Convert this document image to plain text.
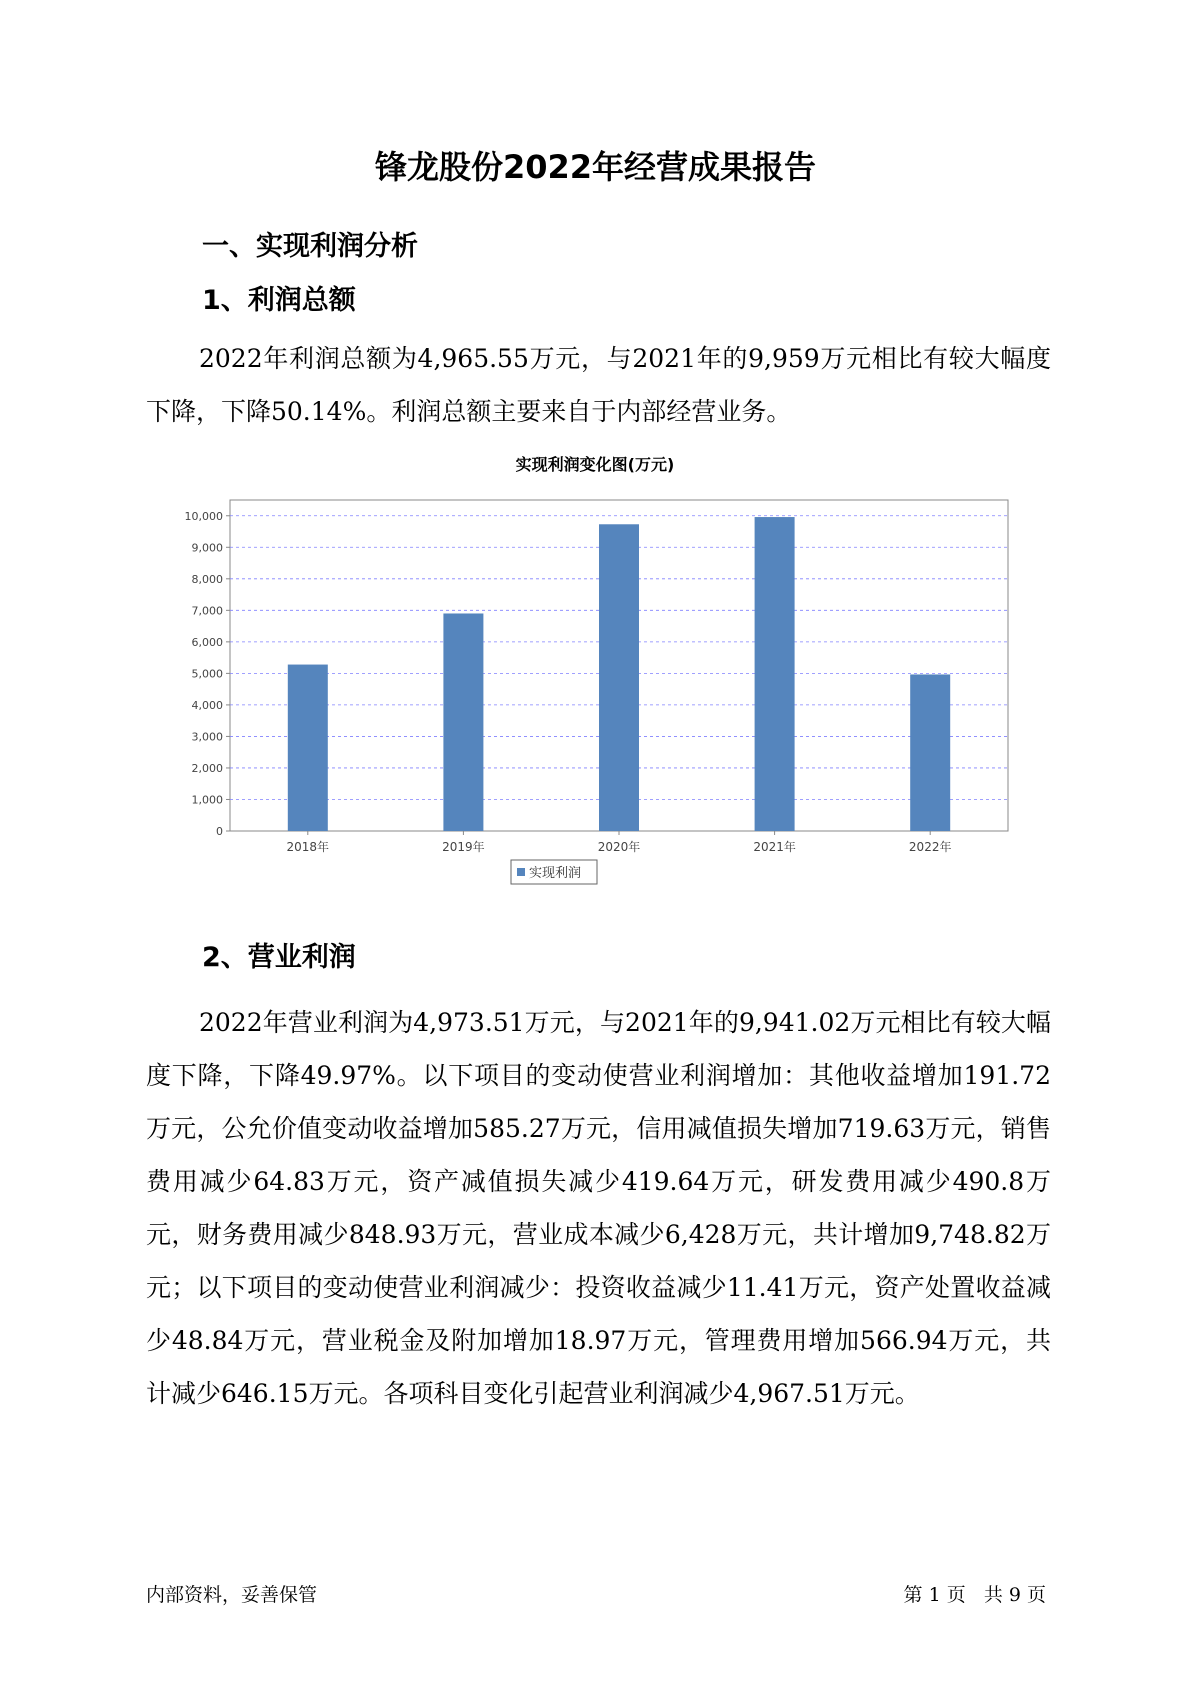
锋龙股份2022年经营成果报告
一、实现利润分析
1、利润总额

2022年利润总额为4,965.55万元，与2021年的9,959万元相比有较大幅度下降，下降50.14%。利润总额主要来自于内部经营业务。

实现利润变化图(万元)
0
1,000
2,000
3,000
4,000
5,000
6,000
7,000
8,000
9,000
10,000
2018年	2019年	2020年	2021年	2022年
实现利润
2、营业利润

2022年营业利润为4,973.51万元，与2021年的9,941.02万元相比有较大幅度下降，下降49.97%。以下项目的变动使营业利润增加：其他收益增加191.72万元，公允价值变动收益增加585.27万元，信用减值损失增加719.63万元，销售费用减少64.83万元，资产减值损失减少419.64万元，研发费用减少490.8万元，财务费用减少848.93万元，营业成本减少6,428万元，共计增加9,748.82万元；以下项目的变动使营业利润减少：投资收益减少11.41万元，资产处置收益减少48.84万元，营业税金及附加增加18.97万元，管理费用增加566.94万元，共计减少646.15万元。各项科目变化引起营业利润减少4,967.51万元。

内部资料，妥善保管	第 1 页   共 9 页
